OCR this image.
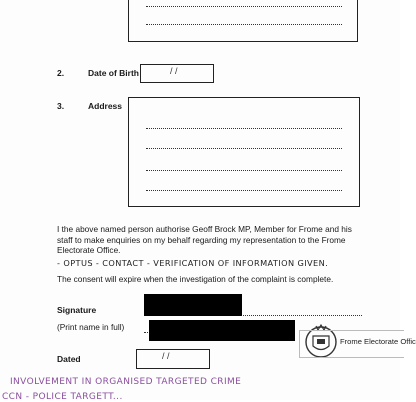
2.	Date of Birth	/ /
3.	Address
I the above named person authorise Geoff Brock MP, Member for Frome and his staff to make enquiries on my behalf regarding my representation to the Frome Electorate Office.
- OPTUS - CONTACT - VERIFICATION OF INFORMATION GIVEN.
The consent will expire when the investigation of the complaint is complete.
Signature
(Print name in full)
Dated	/ /
Frome Electorate Offic
INVOLVEMENT IN ORGANISED TARGETED CRIME
CCN - POLICE TARGETT...
